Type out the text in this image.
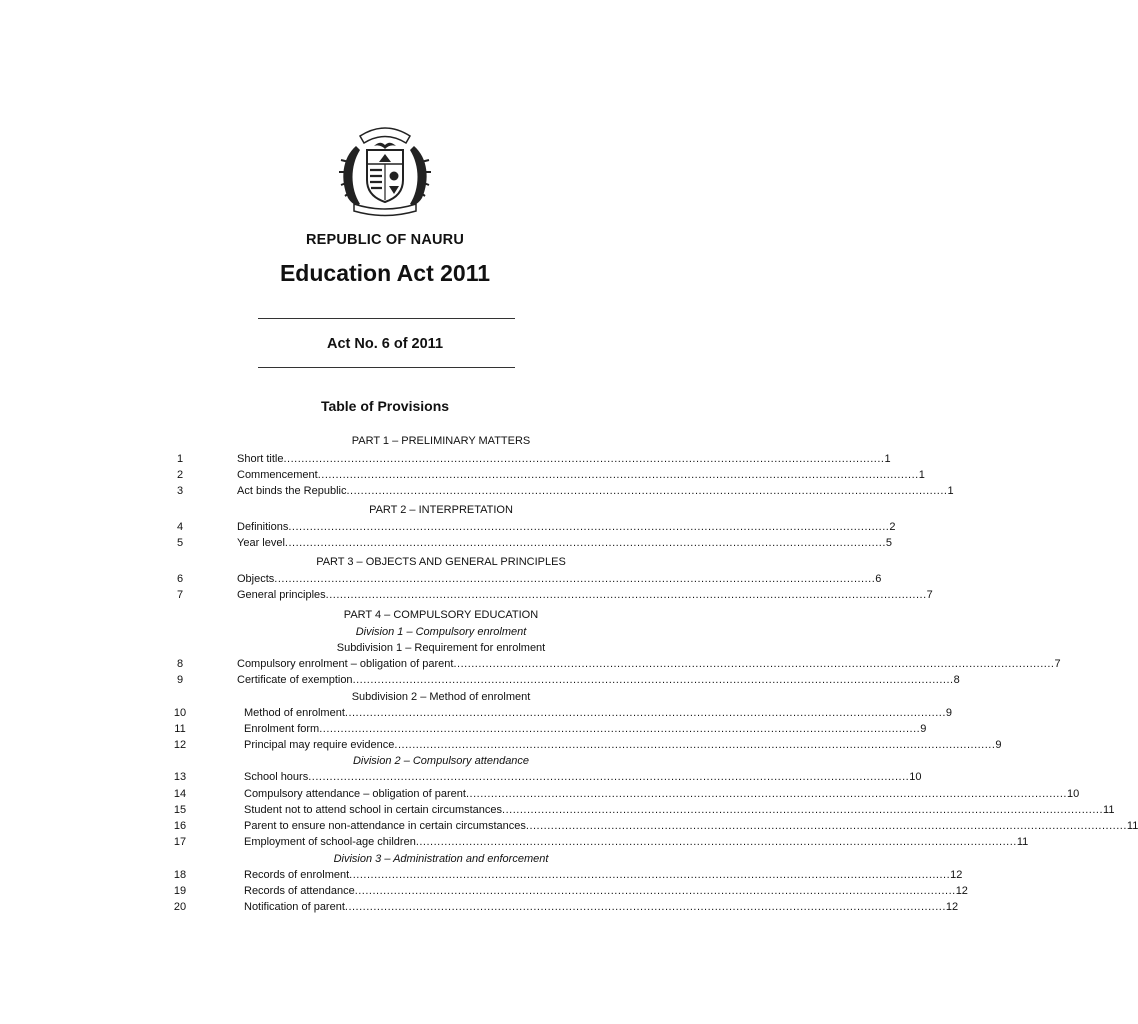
REPUBLIC OF NAURU
Education Act 2011
Act No. 6 of 2011
Table of Provisions
PART 1 – PRELIMINARY MATTERS
1	Short title ......................................................................................................................................................................... 1
2	Commencement ......................................................................................................................................................................... 1
3	Act binds the Republic ......................................................................................................................................................................... 1
PART 2 – INTERPRETATION
4	Definitions ......................................................................................................................................................................... 2
5	Year level ......................................................................................................................................................................... 5
PART 3 – OBJECTS AND GENERAL PRINCIPLES
6	Objects ......................................................................................................................................................................... 6
7	General principles ......................................................................................................................................................................... 7
PART 4 – COMPULSORY EDUCATION
Division 1 – Compulsory enrolment
Subdivision 1 – Requirement for enrolment
8	Compulsory enrolment – obligation of parent ......................................................................................................................................................................... 7
9	Certificate of exemption ......................................................................................................................................................................... 8
Subdivision 2 – Method of enrolment
10	Method of enrolment ......................................................................................................................................................................... 9
11	Enrolment form ......................................................................................................................................................................... 9
12	Principal may require evidence ......................................................................................................................................................................... 9
Division 2 – Compulsory attendance
13	School hours ......................................................................................................................................................................... 10
14	Compulsory attendance – obligation of parent ......................................................................................................................................................................... 10
15	Student not to attend school in certain circumstances ......................................................................................................................................................................... 11
16	Parent to ensure non-attendance in certain circumstances ......................................................................................................................................................................... 11
17	Employment of school-age children ......................................................................................................................................................................... 11
Division 3 – Administration and enforcement
18	Records of enrolment ......................................................................................................................................................................... 12
19	Records of attendance ......................................................................................................................................................................... 12
20	Notification of parent ......................................................................................................................................................................... 12
